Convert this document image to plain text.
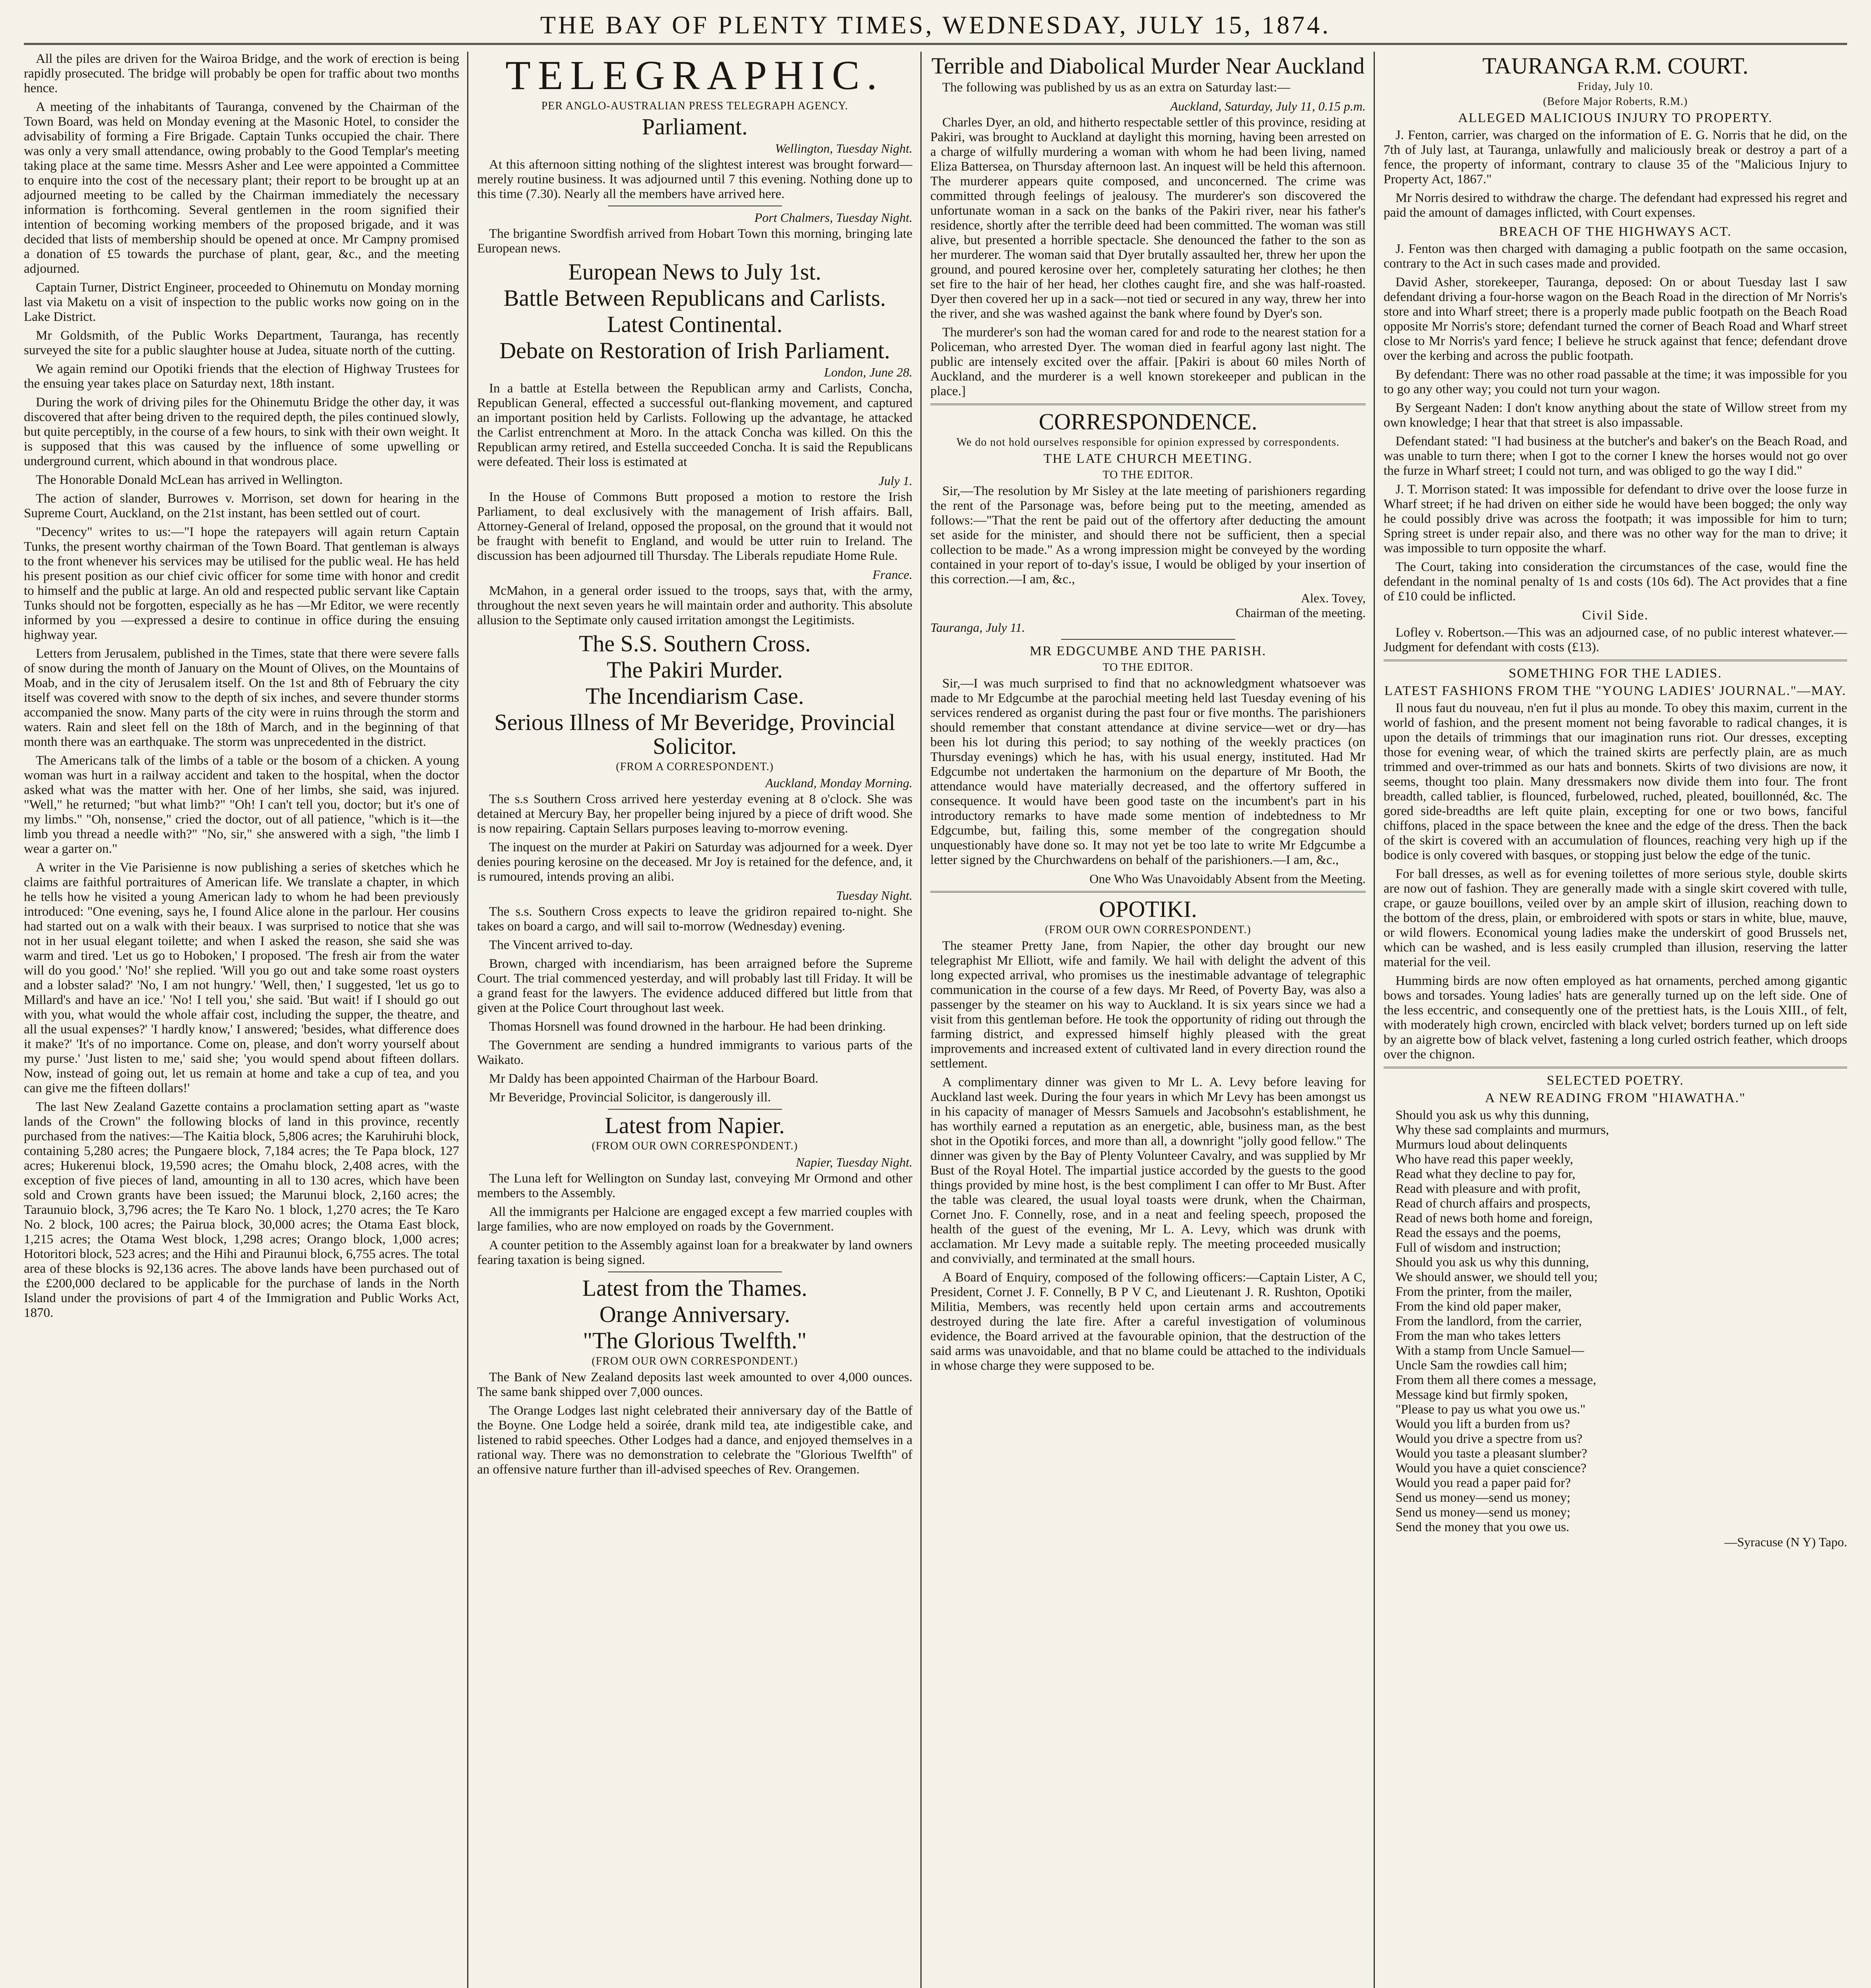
THE BAY OF PLENTY TIMES, WEDNESDAY, JULY 15, 1874.

All the piles are driven for the Wairoa Bridge, and the work of erection is being rapidly prosecuted. The bridge will probably be open for traffic about two months hence.

A meeting of the inhabitants of Tauranga, convened by the Chairman of the Town Board, was held on Monday evening at the Masonic Hotel, to consider the advisability of forming a Fire Brigade. Captain Tunks occupied the chair. There was only a very small attendance, owing probably to the Good Templar's meeting taking place at the same time. Messrs Asher and Lee were appointed a Committee to enquire into the cost of the necessary plant; their report to be brought up at an adjourned meeting to be called by the Chairman immediately the necessary information is forthcoming. Several gentlemen in the room signified their intention of becoming working members of the proposed brigade, and it was decided that lists of membership should be opened at once. Mr Campny promised a donation of £5 towards the purchase of plant, gear, &c., and the meeting adjourned.

Captain Turner, District Engineer, proceeded to Ohinemutu on Monday morning last via Maketu on a visit of inspection to the public works now going on in the Lake District.

Mr Goldsmith, of the Public Works Department, Tauranga, has recently surveyed the site for a public slaughter house at Judea, situate north of the cutting.

We again remind our Opotiki friends that the election of Highway Trustees for the ensuing year takes place on Saturday next, 18th instant.

During the work of driving piles for the Ohinemutu Bridge the other day, it was discovered that after being driven to the required depth, the piles continued slowly, but quite perceptibly, in the course of a few hours, to sink with their own weight. It is supposed that this was caused by the influence of some upwelling or underground current, which abound in that wondrous place.

The Honorable Donald McLean has arrived in Wellington.

The action of slander, Burrowes v. Morrison, set down for hearing in the Supreme Court, Auckland, on the 21st instant, has been settled out of court.

"Decency" writes to us:—"I hope the ratepayers will again return Captain Tunks, the present worthy chairman of the Town Board. That gentleman is always to the front whenever his services may be utilised for the public weal. He has held his present position as our chief civic officer for some time with honor and credit to himself and the public at large. An old and respected public servant like Captain Tunks should not be forgotten, especially as he has —Mr Editor, we were recently informed by you —expressed a desire to continue in office during the ensuing highway year.

Letters from Jerusalem, published in the Times, state that there were severe falls of snow during the month of January on the Mount of Olives, on the Mountains of Moab, and in the city of Jerusalem itself. On the 1st and 8th of February the city itself was covered with snow to the depth of six inches, and severe thunder storms accompanied the snow. Many parts of the city were in ruins through the storm and waters. Rain and sleet fell on the 18th of March, and in the beginning of that month there was an earthquake. The storm was unprecedented in the district.

The Americans talk of the limbs of a table or the bosom of a chicken. A young woman was hurt in a railway accident and taken to the hospital, when the doctor asked what was the matter with her. One of her limbs, she said, was injured. "Well," he returned; "but what limb?" "Oh! I can't tell you, doctor; but it's one of my limbs." "Oh, nonsense," cried the doctor, out of all patience, "which is it—the limb you thread a needle with?" "No, sir," she answered with a sigh, "the limb I wear a garter on."

A writer in the Vie Parisienne is now publishing a series of sketches which he claims are faithful portraitures of American life. We translate a chapter, in which he tells how he visited a young American lady to whom he had been previously introduced: "One evening, says he, I found Alice alone in the parlour. Her cousins had started out on a walk with their beaux. I was surprised to notice that she was not in her usual elegant toilette; and when I asked the reason, she said she was warm and tired. 'Let us go to Hoboken,' I proposed. 'The fresh air from the water will do you good.' 'No!' she replied. 'Will you go out and take some roast oysters and a lobster salad?' 'No, I am not hungry.' 'Well, then,' I suggested, 'let us go to Millard's and have an ice.' 'No! I tell you,' she said. 'But wait! if I should go out with you, what would the whole affair cost, including the supper, the theatre, and all the usual expenses?' 'I hardly know,' I answered; 'besides, what difference does it make?' 'It's of no importance. Come on, please, and don't worry yourself about my purse.' 'Just listen to me,' said she; 'you would spend about fifteen dollars. Now, instead of going out, let us remain at home and take a cup of tea, and you can give me the fifteen dollars!'

The last New Zealand Gazette contains a proclamation setting apart as "waste lands of the Crown" the following blocks of land in this province, recently purchased from the natives:—The Kaitia block, 5,806 acres; the Karuhiruhi block, containing 5,280 acres; the Pungaere block, 7,184 acres; the Te Papa block, 127 acres; Hukerenui block, 19,590 acres; the Omahu block, 2,408 acres, with the exception of five pieces of land, amounting in all to 130 acres, which have been sold and Crown grants have been issued; the Marunui block, 2,160 acres; the Taraunuio block, 3,796 acres; the Te Karo No. 1 block, 1,270 acres; the Te Karo No. 2 block, 100 acres; the Pairua block, 30,000 acres; the Otama East block, 1,215 acres; the Otama West block, 1,298 acres; Orango block, 1,000 acres; Hotoritori block, 523 acres; and the Hihi and Piraunui block, 6,755 acres. The total area of these blocks is 92,136 acres. The above lands have been purchased out of the £200,000 declared to be applicable for the purchase of lands in the North Island under the provisions of part 4 of the Immigration and Public Works Act, 1870.

TELEGRAPHIC.
PER ANGLO-AUSTRALIAN PRESS TELEGRAPH AGENCY.
Parliament.
Wellington, Tuesday Night.

At this afternoon sitting nothing of the slightest interest was brought forward—merely routine business. It was adjourned until 7 this evening. Nothing done up to this time (7.30). Nearly all the members have arrived here.

Port Chalmers, Tuesday Night.

The brigantine Swordfish arrived from Hobart Town this morning, bringing late European news.

European News to July 1st.
Battle Between Republicans and Carlists.
Latest Continental.
Debate on Restoration of Irish Parliament.
London, June 28.

In a battle at Estella between the Republican army and Carlists, Concha, Republican General, effected a successful out-flanking movement, and captured an important position held by Carlists. Following up the advantage, he attacked the Carlist entrenchment at Moro. In the attack Concha was killed. On this the Republican army retired, and Estella succeeded Concha. It is said the Republicans were defeated. Their loss is estimated at

July 1.

In the House of Commons Butt proposed a motion to restore the Irish Parliament, to deal exclusively with the management of Irish affairs. Ball, Attorney-General of Ireland, opposed the proposal, on the ground that it would not be fraught with benefit to England, and would be utter ruin to Ireland. The discussion has been adjourned till Thursday. The Liberals repudiate Home Rule.

France.

McMahon, in a general order issued to the troops, says that, with the army, throughout the next seven years he will maintain order and authority. This absolute allusion to the Septimate only caused irritation amongst the Legitimists.

The S.S. Southern Cross.
The Pakiri Murder.
The Incendiarism Case.
Serious Illness of Mr Beveridge, Provincial Solicitor.
(FROM A CORRESPONDENT.)
Auckland, Monday Morning.

The s.s Southern Cross arrived here yesterday evening at 8 o'clock. She was detained at Mercury Bay, her propeller being injured by a piece of drift wood. She is now repairing. Captain Sellars purposes leaving to-morrow evening.

The inquest on the murder at Pakiri on Saturday was adjourned for a week. Dyer denies pouring kerosine on the deceased. Mr Joy is retained for the defence, and, it is rumoured, intends proving an alibi.

Tuesday Night.

The s.s. Southern Cross expects to leave the gridiron repaired to-night. She takes on board a cargo, and will sail to-morrow (Wednesday) evening.

The Vincent arrived to-day.

Brown, charged with incendiarism, has been arraigned before the Supreme Court. The trial commenced yesterday, and will probably last till Friday. It will be a grand feast for the lawyers. The evidence adduced differed but little from that given at the Police Court throughout last week.

Thomas Horsnell was found drowned in the harbour. He had been drinking.

The Government are sending a hundred immigrants to various parts of the Waikato.

Mr Daldy has been appointed Chairman of the Harbour Board.

Mr Beveridge, Provincial Solicitor, is dangerously ill.

Latest from Napier.
(FROM OUR OWN CORRESPONDENT.)
Napier, Tuesday Night.

The Luna left for Wellington on Sunday last, conveying Mr Ormond and other members to the Assembly.

All the immigrants per Halcione are engaged except a few married couples with large families, who are now employed on roads by the Government.

A counter petition to the Assembly against loan for a breakwater by land owners fearing taxation is being signed.

Latest from the Thames.
Orange Anniversary.
"The Glorious Twelfth."
(FROM OUR OWN CORRESPONDENT.)

The Bank of New Zealand deposits last week amounted to over 4,000 ounces. The same bank shipped over 7,000 ounces.

The Orange Lodges last night celebrated their anniversary day of the Battle of the Boyne. One Lodge held a soirée, drank mild tea, ate indigestible cake, and listened to rabid speeches. Other Lodges had a dance, and enjoyed themselves in a rational way. There was no demonstration to celebrate the "Glorious Twelfth" of an offensive nature further than ill-advised speeches of Rev. Orangemen.

Terrible and Diabolical Murder Near Auckland

The following was published by us as an extra on Saturday last:—

Auckland, Saturday, July 11, 0.15 p.m.

Charles Dyer, an old, and hitherto respectable settler of this province, residing at Pakiri, was brought to Auckland at daylight this morning, having been arrested on a charge of wilfully murdering a woman with whom he had been living, named Eliza Battersea, on Thursday afternoon last. An inquest will be held this afternoon. The murderer appears quite composed, and unconcerned. The crime was committed through feelings of jealousy. The murderer's son discovered the unfortunate woman in a sack on the banks of the Pakiri river, near his father's residence, shortly after the terrible deed had been committed. The woman was still alive, but presented a horrible spectacle. She denounced the father to the son as her murderer. The woman said that Dyer brutally assaulted her, threw her upon the ground, and poured kerosine over her, completely saturating her clothes; he then set fire to the hair of her head, her clothes caught fire, and she was half-roasted. Dyer then covered her up in a sack—not tied or secured in any way, threw her into the river, and she was washed against the bank where found by Dyer's son.

The murderer's son had the woman cared for and rode to the nearest station for a Policeman, who arrested Dyer. The woman died in fearful agony last night. The public are intensely excited over the affair. [Pakiri is about 60 miles North of Auckland, and the murderer is a well known storekeeper and publican in the place.]

CORRESPONDENCE.
We do not hold ourselves responsible for opinion expressed by correspondents.
THE LATE CHURCH MEETING.
TO THE EDITOR.

Sir,—The resolution by Mr Sisley at the late meeting of parishioners regarding the rent of the Parsonage was, before being put to the meeting, amended as follows:—"That the rent be paid out of the offertory after deducting the amount set aside for the minister, and should there not be sufficient, then a special collection to be made." As a wrong impression might be conveyed by the wording contained in your report of to-day's issue, I would be obliged by your insertion of this correction.—I am, &c.,

Alex. Tovey,
Chairman of the meeting.
Tauranga, July 11.
MR EDGCUMBE AND THE PARISH.
TO THE EDITOR.

Sir,—I was much surprised to find that no acknowledgment whatsoever was made to Mr Edgcumbe at the parochial meeting held last Tuesday evening of his services rendered as organist during the past four or five months. The parishioners should remember that constant attendance at divine service—wet or dry—has been his lot during this period; to say nothing of the weekly practices (on Thursday evenings) which he has, with his usual energy, instituted. Had Mr Edgcumbe not undertaken the harmonium on the departure of Mr Booth, the attendance would have materially decreased, and the offertory suffered in consequence. It would have been good taste on the incumbent's part in his introductory remarks to have made some mention of indebtedness to Mr Edgcumbe, but, failing this, some member of the congregation should unquestionably have done so. It may not yet be too late to write Mr Edgcumbe a letter signed by the Churchwardens on behalf of the parishioners.—I am, &c.,

One Who Was Unavoidably Absent from the Meeting.
OPOTIKI.
(FROM OUR OWN CORRESPONDENT.)

The steamer Pretty Jane, from Napier, the other day brought our new telegraphist Mr Elliott, wife and family. We hail with delight the advent of this long expected arrival, who promises us the inestimable advantage of telegraphic communication in the course of a few days. Mr Reed, of Poverty Bay, was also a passenger by the steamer on his way to Auckland. It is six years since we had a visit from this gentleman before. He took the opportunity of riding out through the farming district, and expressed himself highly pleased with the great improvements and increased extent of cultivated land in every direction round the settlement.

A complimentary dinner was given to Mr L. A. Levy before leaving for Auckland last week. During the four years in which Mr Levy has been amongst us in his capacity of manager of Messrs Samuels and Jacobsohn's establishment, he has worthily earned a reputation as an energetic, able, business man, as the best shot in the Opotiki forces, and more than all, a downright "jolly good fellow." The dinner was given by the Bay of Plenty Volunteer Cavalry, and was supplied by Mr Bust of the Royal Hotel. The impartial justice accorded by the guests to the good things provided by mine host, is the best compliment I can offer to Mr Bust. After the table was cleared, the usual loyal toasts were drunk, when the Chairman, Cornet Jno. F. Connelly, rose, and in a neat and feeling speech, proposed the health of the guest of the evening, Mr L. A. Levy, which was drunk with acclamation. Mr Levy made a suitable reply. The meeting proceeded musically and convivially, and terminated at the small hours.

A Board of Enquiry, composed of the following officers:—Captain Lister, A C, President, Cornet J. F. Connelly, B P V C, and Lieutenant J. R. Rushton, Opotiki Militia, Members, was recently held upon certain arms and accoutrements destroyed during the late fire. After a careful investigation of voluminous evidence, the Board arrived at the favourable opinion, that the destruction of the said arms was unavoidable, and that no blame could be attached to the individuals in whose charge they were supposed to be.

TAURANGA R.M. COURT.
Friday, July 10.
(Before Major Roberts, R.M.)
ALLEGED MALICIOUS INJURY TO PROPERTY.

J. Fenton, carrier, was charged on the information of E. G. Norris that he did, on the 7th of July last, at Tauranga, unlawfully and maliciously break or destroy a part of a fence, the property of informant, contrary to clause 35 of the "Malicious Injury to Property Act, 1867."

Mr Norris desired to withdraw the charge. The defendant had expressed his regret and paid the amount of damages inflicted, with Court expenses.

BREACH OF THE HIGHWAYS ACT.

J. Fenton was then charged with damaging a public footpath on the same occasion, contrary to the Act in such cases made and provided.

David Asher, storekeeper, Tauranga, deposed: On or about Tuesday last I saw defendant driving a four-horse wagon on the Beach Road in the direction of Mr Norris's store and into Wharf street; there is a properly made public footpath on the Beach Road opposite Mr Norris's store; defendant turned the corner of Beach Road and Wharf street close to Mr Norris's yard fence; I believe he struck against that fence; defendant drove over the kerbing and across the public footpath.

By defendant: There was no other road passable at the time; it was impossible for you to go any other way; you could not turn your wagon.

By Sergeant Naden: I don't know anything about the state of Willow street from my own knowledge; I hear that that street is also impassable.

Defendant stated: "I had business at the butcher's and baker's on the Beach Road, and was unable to turn there; when I got to the corner I knew the horses would not go over the furze in Wharf street; I could not turn, and was obliged to go the way I did."

J. T. Morrison stated: It was impossible for defendant to drive over the loose furze in Wharf street; if he had driven on either side he would have been bogged; the only way he could possibly drive was across the footpath; it was impossible for him to turn; Spring street is under repair also, and there was no other way for the man to drive; it was impossible to turn opposite the wharf.

The Court, taking into consideration the circumstances of the case, would fine the defendant in the nominal penalty of 1s and costs (10s 6d). The Act provides that a fine of £10 could be inflicted.

Civil Side.

Lofley v. Robertson.—This was an adjourned case, of no public interest whatever.—Judgment for defendant with costs (£13).

SOMETHING FOR THE LADIES.
LATEST FASHIONS FROM THE "YOUNG LADIES' JOURNAL."—MAY.

Il nous faut du nouveau, n'en fut il plus au monde. To obey this maxim, current in the world of fashion, and the present moment not being favorable to radical changes, it is upon the details of trimmings that our imagination runs riot. Our dresses, excepting those for evening wear, of which the trained skirts are perfectly plain, are as much trimmed and over-trimmed as our hats and bonnets. Skirts of two divisions are now, it seems, thought too plain. Many dressmakers now divide them into four. The front breadth, called tablier, is flounced, furbelowed, ruched, pleated, bouillonnéd, &c. The gored side-breadths are left quite plain, excepting for one or two bows, fanciful chiffons, placed in the space between the knee and the edge of the dress. Then the back of the skirt is covered with an accumulation of flounces, reaching very high up if the bodice is only covered with basques, or stopping just below the edge of the tunic.

For ball dresses, as well as for evening toilettes of more serious style, double skirts are now out of fashion. They are generally made with a single skirt covered with tulle, crape, or gauze bouillons, veiled over by an ample skirt of illusion, reaching down to the bottom of the dress, plain, or embroidered with spots or stars in white, blue, mauve, or wild flowers. Economical young ladies make the underskirt of good Brussels net, which can be washed, and is less easily crumpled than illusion, reserving the latter material for the veil.

Humming birds are now often employed as hat ornaments, perched among gigantic bows and torsades. Young ladies' hats are generally turned up on the left side. One of the less eccentric, and consequently one of the prettiest hats, is the Louis XIII., of felt, with moderately high crown, encircled with black velvet; borders turned up on left side by an aigrette bow of black velvet, fastening a long curled ostrich feather, which droops over the chignon.

SELECTED POETRY.
A NEW READING FROM "HIAWATHA."

Should you ask us why this dunning,

Why these sad complaints and murmurs,

Murmurs loud about delinquents

Who have read this paper weekly,

Read what they decline to pay for,

Read with pleasure and with profit,

Read of church affairs and prospects,

Read of news both home and foreign,

Read the essays and the poems,

Full of wisdom and instruction;

Should you ask us why this dunning,

We should answer, we should tell you;

From the printer, from the mailer,

From the kind old paper maker,

From the landlord, from the carrier,

From the man who takes letters

With a stamp from Uncle Samuel—

Uncle Sam the rowdies call him;

From them all there comes a message,

Message kind but firmly spoken,

"Please to pay us what you owe us."

Would you lift a burden from us?

Would you drive a spectre from us?

Would you taste a pleasant slumber?

Would you have a quiet conscience?

Would you read a paper paid for?

Send us money—send us money;

Send us money—send us money;

Send the money that you owe us.

—Syracuse (N Y) Tapo.
